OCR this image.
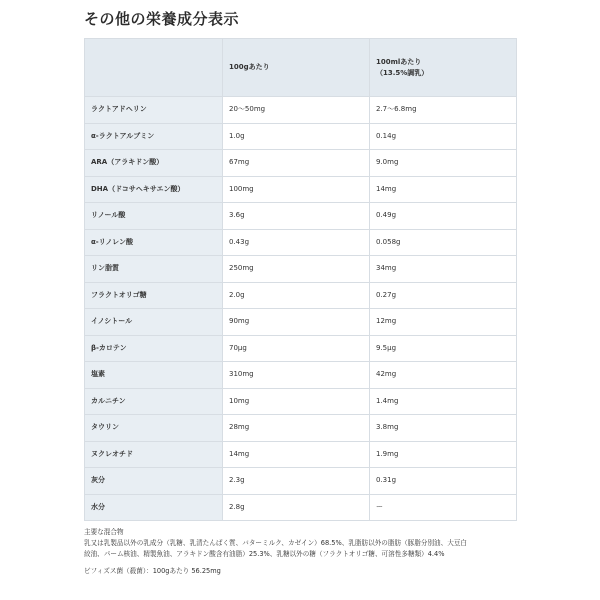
その他の栄養成分表示
	100gあたり	100mlあたり
（13.5%調乳）
ラクトアドヘリン	20〜50mg	2.7〜6.8mg
α-ラクトアルブミン	1.0g	0.14g
ARA（アラキドン酸）	67mg	9.0mg
DHA（ドコサヘキサエン酸）	100mg	14mg
リノール酸	3.6g	0.49g
α-リノレン酸	0.43g	0.058g
リン脂質	250mg	34mg
フラクトオリゴ糖	2.0g	0.27g
イノシトール	90mg	12mg
β-カロテン	70μg	9.5μg
塩素	310mg	42mg
カルニチン	10mg	1.4mg
タウリン	28mg	3.8mg
ヌクレオチド	14mg	1.9mg
灰分	2.3g	0.31g
水分	2.8g	ー

主要な混合物

乳又は乳製品以外の乳成分（乳糖、乳清たんぱく質、バターミルク、カゼイン）68.5%、乳脂肪以外の脂肪（豚脂分別油、大豆白

絞油、パーム核油、精製魚油、アラキドン酸含有油脂）25.3%、乳糖以外の糖（フラクトオリゴ糖、可溶性多糖類）4.4%

ビフィズス菌（殺菌）：100gあたり 56.25mg
